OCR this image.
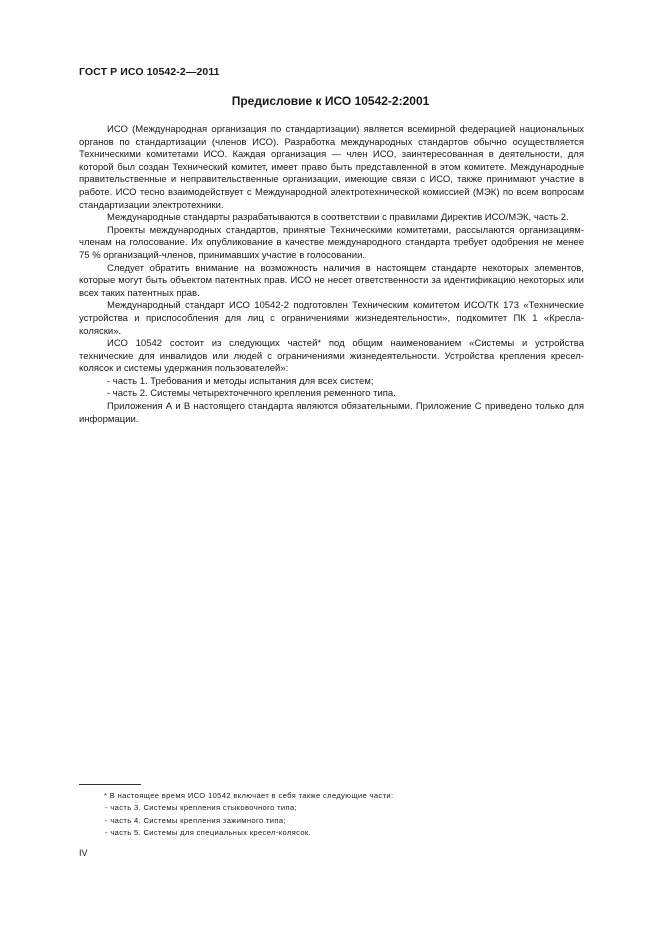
ГОСТ Р ИСО 10542-2—2011
Предисловие к ИСО 10542-2:2001

ИСО (Международная организация по стандартизации) является всемирной федерацией национальных органов по стандартизации (членов ИСО). Разработка международных стандартов обычно осуществляется Техническими комитетами ИСО. Каждая организация — член ИСО, заинтересованная в деятельности, для которой был создан Технический комитет, имеет право быть представленной в этом комитете. Международные правительственные и неправительственные организации, имеющие связи с ИСО, также принимают участие в работе. ИСО тесно взаимодействует с Международной электротехнической комиссией (МЭК) по всем вопросам стандартизации электротехники.

Международные стандарты разрабатываются в соответствии с правилами Директив ИСО/МЭК, часть 2.

Проекты международных стандартов, принятые Техническими комитетами, рассылаются организациям-членам на голосование. Их опубликование в качестве международного стандарта требует одобрения не менее 75 % организаций-членов, принимавших участие в голосовании.

Следует обратить внимание на возможность наличия в настоящем стандарте некоторых элементов, которые могут быть объектом патентных прав. ИСО не несет ответственности за идентификацию некоторых или всех таких патентных прав.

Международный стандарт ИСО 10542-2 подготовлен Техническим комитетом ИСО/ТК 173 «Технические устройства и приспособления для лиц с ограничениями жизнедеятельности», подкомитет ПК 1 «Кресла-коляски».

ИСО 10542 состоит из следующих частей* под общим наименованием «Системы и устройства технические для инвалидов или людей с ограничениями жизнедеятельности. Устройства крепления кресел-колясок и системы удержания пользователей»:

- часть 1. Требования и методы испытания для всех систем;
- часть 2. Системы четырехточечного крепления ременного типа.

Приложения А и В настоящего стандарта являются обязательными. Приложение С приведено только для информации.

* В настоящее время ИСО 10542 включает в себя также следующие части:
- часть 3. Системы крепления стыковочного типа;
- часть 4. Системы крепления зажимного типа;
- часть 5. Системы для специальных кресел-колясок.
IV
